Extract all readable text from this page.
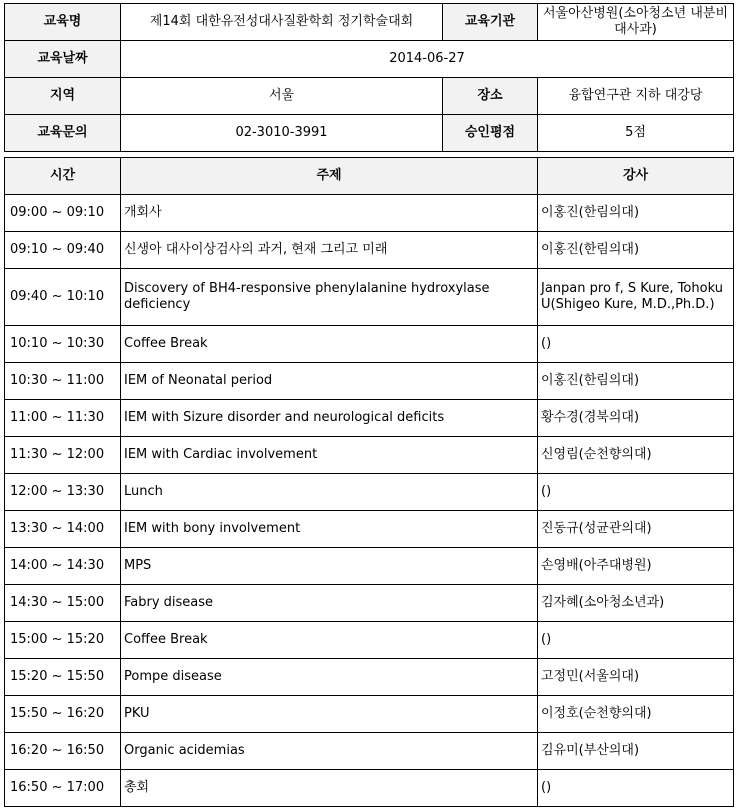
교육명	제14회 대한유전성대사질환학회 정기학술대회	교육기관	서울아산병원(소아청소년 내분비대사과)
교육날짜	2014-06-27		
지역	서울	장소	융합연구관 지하 대강당
교육문의	02-3010-3991	승인평점	5점
시간	주제	강사
09:00 ~ 09:10	개회사	이홍진(한림의대)
09:10 ~ 09:40	신생아 대사이상검사의 과거, 현재 그리고 미래	이홍진(한림의대)
09:40 ~ 10:10	Discovery of BH4-responsive phenylalanine hydroxylase deficiency	Janpan pro f, S Kure, Tohoku U(Shigeo Kure, M.D.,Ph.D.)
10:10 ~ 10:30	Coffee Break	()
10:30 ~ 11:00	IEM of Neonatal period	이홍진(한림의대)
11:00 ~ 11:30	IEM with Sizure disorder and neurological deficits	황수경(경북의대)
11:30 ~ 12:00	IEM with Cardiac involvement	신영림(순천향의대)
12:00 ~ 13:30	Lunch	()
13:30 ~ 14:00	IEM with bony involvement	진동규(성균관의대)
14:00 ~ 14:30	MPS	손영배(아주대병원)
14:30 ~ 15:00	Fabry disease	김자혜(소아청소년과)
15:00 ~ 15:20	Coffee Break	()
15:20 ~ 15:50	Pompe disease	고정민(서울의대)
15:50 ~ 16:20	PKU	이정호(순천향의대)
16:20 ~ 16:50	Organic acidemias	김유미(부산의대)
16:50 ~ 17:00	총회	()
